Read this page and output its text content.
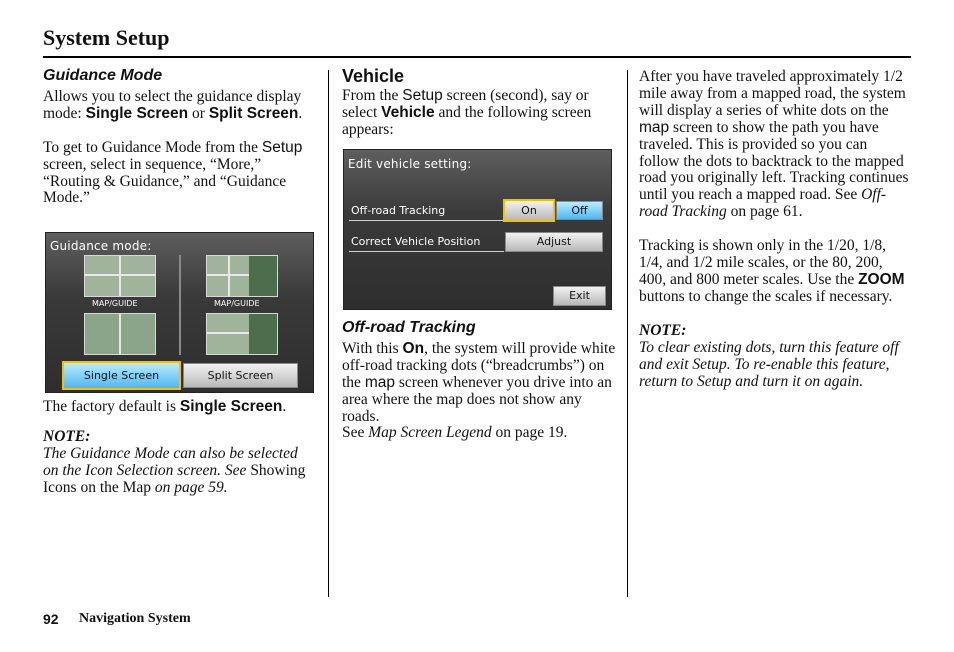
System Setup
Guidance Mode

Allows you to select the guidance display mode: Single Screen or Split Screen.

To get to Guidance Mode from the Setup screen, select in sequence, “More,” “Routing & Guidance,” and “Guidance Mode.”

Guidance mode:
MAP/GUIDE	MAP/GUIDE
Single Screen	Split Screen

The factory default is Single Screen.

NOTE:

The Guidance Mode can also be selected on the Icon Selection screen. See Showing Icons on the Map on page 59.

Vehicle

From the Setup screen (second), say or select Vehicle and the following screen appears:

Edit vehicle setting:
Off-road Tracking	On	Off
Correct Vehicle Position	Adjust
Exit
Off-road Tracking

With this On, the system will provide white off-road tracking dots (“breadcrumbs”) on the map screen whenever you drive into an area where the map does not show any roads.
See Map Screen Legend on page 19.

After you have traveled approximately 1/2 mile away from a mapped road, the system will display a series of white dots on the map screen to show the path you have traveled. This is provided so you can follow the dots to backtrack to the mapped road you originally left. Tracking continues until you reach a mapped road. See Off-road Tracking on page 61.

Tracking is shown only in the 1/20, 1/8, 1/4, and 1/2 mile scales, or the 80, 200, 400, and 800 meter scales. Use the ZOOM buttons to change the scales if necessary.

NOTE:

To clear existing dots, turn this feature off and exit Setup. To re-enable this feature, return to Setup and turn it on again.

92 Navigation System
